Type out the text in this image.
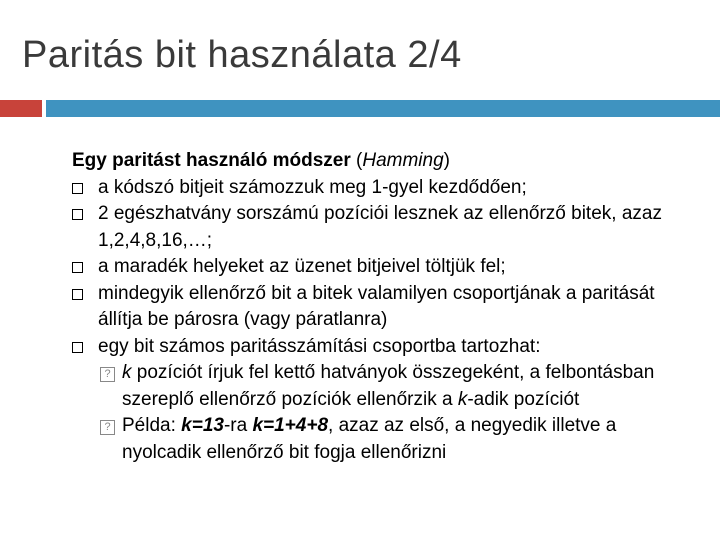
Paritás bit használata 2/4
Egy paritást használó módszer (Hamming)
a kódszó bitjeit számozzuk meg 1-gyel kezdődően;
2 egészhatvány sorszámú pozíciói lesznek az ellenőrző bitek, azaz 1,2,4,8,16,…;
a maradék helyeket az üzenet bitjeivel töltjük fel;
mindegyik ellenőrző bit a bitek valamilyen csoportjának a paritását állítja be párosra (vagy páratlanra)
egy bit számos paritásszámítási csoportba tartozhat:
? k pozíciót írjuk fel kettő hatványok összegeként, a felbontásban szereplő ellenőrző pozíciók ellenőrzik a k-adik pozíciót
? Példa: k=13-ra k=1+4+8, azaz az első, a negyedik illetve a nyolcadik ellenőrző bit fogja ellenőrizni
